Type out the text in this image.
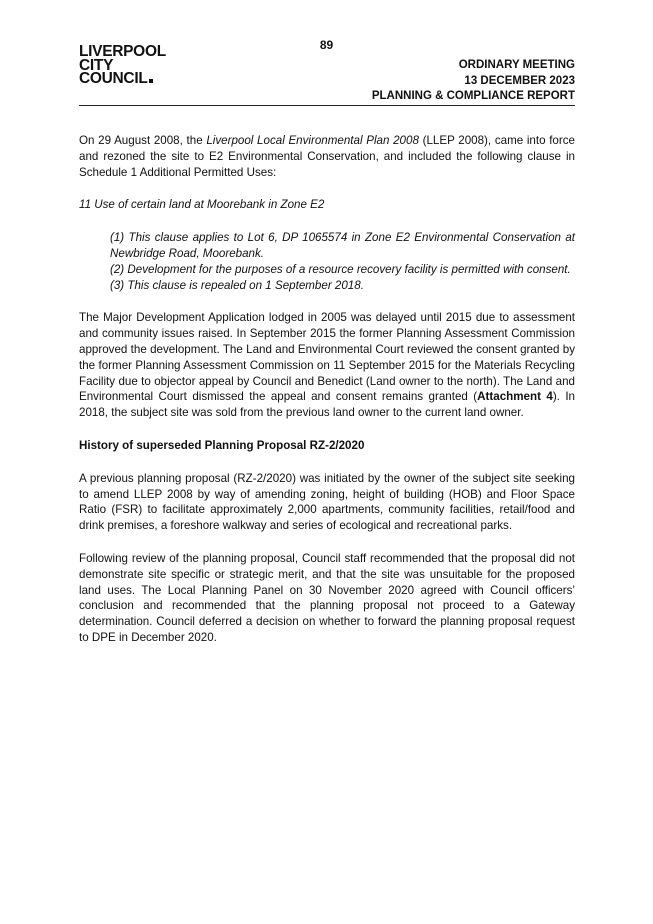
89
LIVERPOOL
CITY
COUNCIL
ORDINARY MEETING
13 DECEMBER 2023
PLANNING & COMPLIANCE REPORT

On 29 August 2008, the Liverpool Local Environmental Plan 2008 (LLEP 2008), came into force and rezoned the site to E2 Environmental Conservation, and included the following clause in Schedule 1 Additional Permitted Uses:

11 Use of certain land at Moorebank in Zone E2

(1) This clause applies to Lot 6, DP 1065574 in Zone E2 Environmental Conservation at Newbridge Road, Moorebank.

(2) Development for the purposes of a resource recovery facility is permitted with consent.

(3) This clause is repealed on 1 September 2018.

The Major Development Application lodged in 2005 was delayed until 2015 due to assessment and community issues raised. In September 2015 the former Planning Assessment Commission approved the development. The Land and Environmental Court reviewed the consent granted by the former Planning Assessment Commission on 11 September 2015 for the Materials Recycling Facility due to objector appeal by Council and Benedict (Land owner to the north). The Land and Environmental Court dismissed the appeal and consent remains granted (Attachment 4). In 2018, the subject site was sold from the previous land owner to the current land owner.

History of superseded Planning Proposal RZ-2/2020

A previous planning proposal (RZ-2/2020) was initiated by the owner of the subject site seeking to amend LLEP 2008 by way of amending zoning, height of building (HOB) and Floor Space Ratio (FSR) to facilitate approximately 2,000 apartments, community facilities, retail/food and drink premises, a foreshore walkway and series of ecological and recreational parks.

Following review of the planning proposal, Council staff recommended that the proposal did not demonstrate site specific or strategic merit, and that the site was unsuitable for the proposed land uses. The Local Planning Panel on 30 November 2020 agreed with Council officers’ conclusion and recommended that the planning proposal not proceed to a Gateway determination. Council deferred a decision on whether to forward the planning proposal request to DPE in December 2020.
